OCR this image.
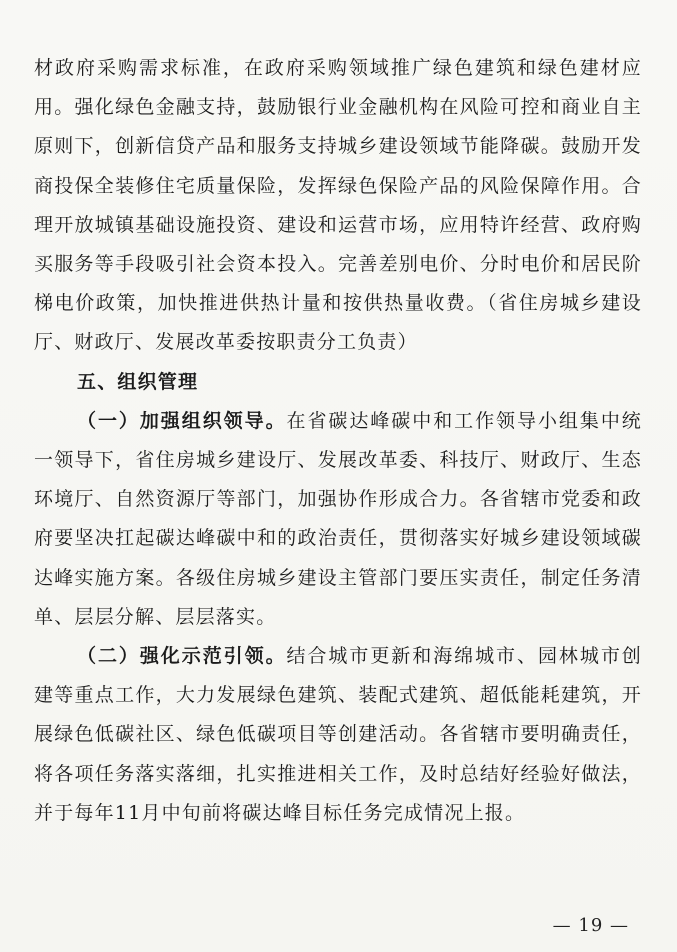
材政府采购需求标准，在政府采购领域推广绿色建筑和绿色建材应用。强化绿色金融支持，鼓励银行业金融机构在风险可控和商业自主原则下，创新信贷产品和服务支持城乡建设领域节能降碳。鼓励开发商投保全装修住宅质量保险，发挥绿色保险产品的风险保障作用。合理开放城镇基础设施投资、建设和运营市场，应用特许经营、政府购买服务等手段吸引社会资本投入。完善差别电价、分时电价和居民阶梯电价政策，加快推进供热计量和按供热量收费。（省住房城乡建设厅、财政厅、发展改革委按职责分工负责）

五、组织管理

（一）加强组织领导。在省碳达峰碳中和工作领导小组集中统一领导下，省住房城乡建设厅、发展改革委、科技厅、财政厅、生态环境厅、自然资源厅等部门，加强协作形成合力。各省辖市党委和政府要坚决扛起碳达峰碳中和的政治责任，贯彻落实好城乡建设领域碳达峰实施方案。各级住房城乡建设主管部门要压实责任，制定任务清单、层层分解、层层落实。

（二）强化示范引领。结合城市更新和海绵城市、园林城市创建等重点工作，大力发展绿色建筑、装配式建筑、超低能耗建筑，开展绿色低碳社区、绿色低碳项目等创建活动。各省辖市要明确责任，将各项任务落实落细，扎实推进相关工作，及时总结好经验好做法，并于每年11月中旬前将碳达峰目标任务完成情况上报。

— 19 —
